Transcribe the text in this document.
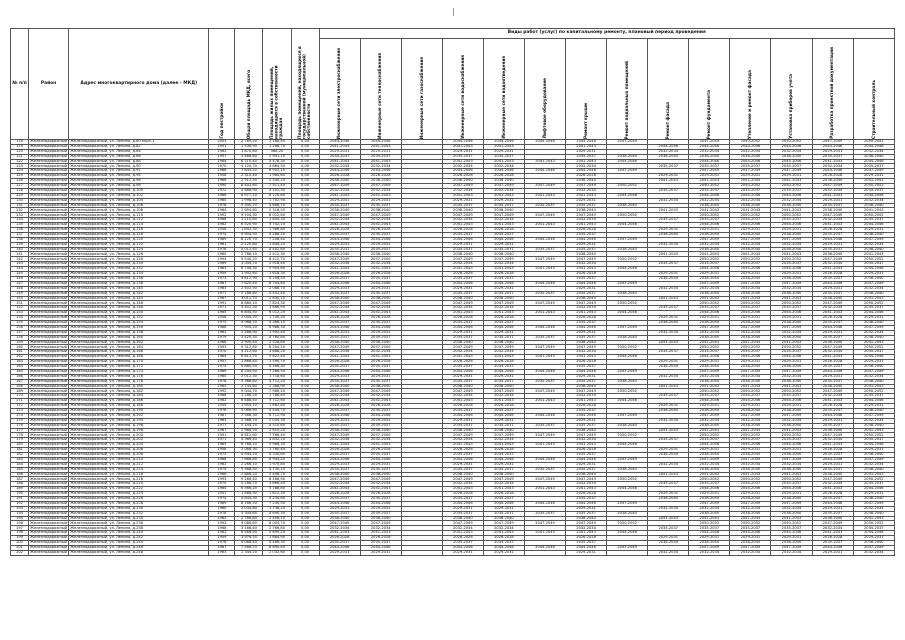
№ п/п	Район	Адрес многоквартирного дома (далее - МКД)	Год постройки	Общая площадь МКД, всего	Площадь жилых помещений, находящихся в собственности граждан	Площадь помещений, находящихся в государственной (муниципальной) собственности	Виды работ (услуг) по капитальному ремонту, плановый период проведения													

							Инженерные сети электроснабжения	Инженерные сети теплоснабжения	Инженерные сети газоснабжения	Инженерные сети водоснабжения	Инженерные сети водоотведения	Лифтовое оборудование	Ремонт крыши	Ремонт подвальных помещений	Ремонт фасада	Ремонт фундамента	Утепление и ремонт фасада	Установка приборов учета	Разработка проектной документации	Строительный контроль

118	Железнодорожный	Железнодорожный, ул. Ленина, д.80 корп.1	2003	2 785,50	2 188,40	0,00	2044-2046	2044-2046		2044-2046	2044-2046	2044-2046	2044-2046	2047-2049		2047-2049	2050-2052	2050-2052	2047-2049	2050-2052
119	Железнодорожный	Железнодорожный, ул. Ленина, д.82	1951	1 536,90	1 266,70	0,00	2041-2043	2041-2043		2041-2043	2041-2043		2041-2043		2044-2046	2044-2046	2044-2046	2044-2046	2044-2046	2044-2046
120	Железнодорожный	Железнодорожный, ул. Ленина, д.84	1962	1 670,80	588,20	0,00	2029-2031	2029-2031		2029-2031	2029-2031		2029-2031		2032-2034	2032-2034	2032-2034	2032-2034	2029-2031	2032-2034
121	Железнодорожный	Железнодорожный, ул. Ленина, д.86	1957	3 468,60	2 941,10	0,00	2035-2037	2035-2037		2035-2037	2035-2037		2035-2037	2038-2040	2038-2040	2038-2040	2038-2040	2038-2040	2035-2037	2038-2040
122	Железнодорожный	Железнодорожный, ул. Ленина, д.88	1984	6 210,40	5 478,30	0,00	2041-2043	2041-2043		2041-2043	2041-2043	2041-2043	2041-2043	2044-2046		2044-2046	2044-2046	2044-2046	2041-2043	2044-2046
123	Железнодорожный	Железнодорожный, ул. Ленина, д.90	1970	4 120,70	3 664,50	0,00	2032-2034	2032-2034		2032-2034	2032-2034		2032-2034		2035-2037	2035-2037	2035-2037	2035-2037	2032-2034	2035-2037
124	Железнодорожный	Железнодорожный, ул. Ленина, д.92	1988	7 845,20	6 902,10	0,00	2044-2046	2044-2046		2044-2046	2044-2046	2044-2046	2044-2046	2047-2049		2047-2049	2047-2049	2047-2049	2044-2046	2047-2049
125	Железнодорожный	Железнодорожный, ул. Ленина, д.94	1958	2 310,40	1 984,60	0,00	2026-2028	2026-2028		2026-2028	2026-2028		2026-2028		2029-2031	2029-2031	2029-2031	2029-2031	2026-2028	2029-2031
126	Железнодорожный	Железнодорожный, ул. Ленина, д.96	1966	2 912,30	2 540,20	0,00	2038-2040	2038-2040		2038-2040	2038-2040		2038-2040		2041-2043	2041-2043	2041-2043	2041-2043	2038-2040	2041-2043
127	Железнодорожный	Железнодорожный, ул. Ленина, д.98	1990	8 402,60	7 511,40	0,00	2047-2049	2047-2049		2047-2049	2047-2049	2047-2049	2047-2049	2050-2052		2050-2052	2050-2052	2050-2052	2047-2049	2050-2052
128	Железнодорожный	Железнодорожный, ул. Ленина, д.100	1972	4 688,90	4 102,30	0,00	2032-2034	2032-2034		2032-2034	2032-2034		2032-2034		2035-2037	2035-2037	2035-2037	2035-2037	2032-2034	2035-2037
129	Железнодорожный	Железнодорожный, ул. Ленина, д.102	1986	6 977,10	6 120,80	0,00	2041-2043	2041-2043		2041-2043	2041-2043	2041-2043	2041-2043	2044-2046		2044-2046	2044-2046	2044-2046	2041-2043	2044-2046
130	Железнодорожный	Железнодорожный, ул. Ленина, д.104	1960	1 998,40	1 702,90	0,00	2029-2031	2029-2031		2029-2031	2029-2031		2029-2031		2032-2034	2032-2034	2032-2034	2032-2034	2029-2031	2032-2034
131	Железнодорожный	Железнодорожный, ул. Ленина, д.106	1978	5 340,20	4 688,70	0,00	2035-2037	2035-2037		2035-2037	2035-2037	2035-2037	2035-2037	2038-2040		2038-2040	2038-2040	2038-2040	2035-2037	2038-2040
132	Железнодорожный	Железнодорожный, ул. Ленина, д.108	1964	2 654,80	2 318,50	0,00	2038-2040	2038-2040		2038-2040	2038-2040		2038-2040		2041-2043	2041-2043	2041-2043	2041-2043	2038-2040	2041-2043
133	Железнодорожный	Железнодорожный, ул. Ленина, д.110	1992	9 104,30	8 012,60	0,00	2047-2049	2047-2049		2047-2049	2047-2049	2047-2049	2047-2049	2050-2052		2050-2052	2050-2052	2050-2052	2047-2049	2050-2052
134	Железнодорожный	Железнодорожный, ул. Ленина, д.112	1968	3 210,60	2 804,30	0,00	2032-2034	2032-2034		2032-2034	2032-2034		2032-2034		2035-2037	2035-2037	2035-2037	2035-2037	2032-2034	2035-2037
135	Железнодорожный	Железнодорожный, ул. Ленина, д.114	1982	6 520,90	5 742,10	0,00	2041-2043	2041-2043		2041-2043	2041-2043	2041-2043	2041-2043	2044-2046		2044-2046	2044-2046	2044-2046	2041-2043	2044-2046
136	Железнодорожный	Железнодорожный, ул. Ленина, д.116	1956	1 842,30	1 566,80	0,00	2026-2028	2026-2028		2026-2028	2026-2028		2026-2028		2029-2031	2029-2031	2029-2031	2029-2031	2026-2028	2029-2031
137	Железнодорожный	Железнодорожный, ул. Ленина, д.118	1974	4 904,50	4 288,20	0,00	2035-2037	2035-2037		2035-2037	2035-2037		2035-2037		2038-2040	2038-2040	2038-2040	2038-2040	2035-2037	2038-2040
138	Железнодорожный	Железнодорожный, ул. Ленина, д.120	1989	8 120,70	7 208,40	0,00	2044-2046	2044-2046		2044-2046	2044-2046	2044-2046	2044-2046	2047-2049		2047-2049	2047-2049	2047-2049	2044-2046	2047-2049
139	Железнодорожный	Железнодорожный, ул. Ленина, д.122	1961	2 120,80	1 844,20	0,00	2029-2031	2029-2031		2029-2031	2029-2031		2029-2031		2032-2034	2032-2034	2032-2034	2032-2034	2029-2031	2032-2034
140	Железнодорожный	Железнодорожный, ул. Ленина, д.124	1976	5 012,40	4 402,60	0,00	2035-2037	2035-2037		2035-2037	2035-2037	2035-2037	2035-2037	2038-2040		2038-2040	2038-2040	2038-2040	2035-2037	2038-2040
141	Железнодорожный	Железнодорожный, ул. Ленина, д.126	1965	2 788,10	2 412,30	0,00	2038-2040	2038-2040		2038-2040	2038-2040		2038-2040		2041-2043	2041-2043	2041-2043	2041-2043	2038-2040	2041-2043
142	Железнодорожный	Железнодорожный, ул. Ленина, д.128	1994	9 540,20	8 412,70	0,00	2047-2049	2047-2049		2047-2049	2047-2049	2047-2049	2047-2049	2050-2052		2050-2052	2050-2052	2050-2052	2047-2049	2050-2052
143	Железнодорожный	Железнодорожный, ул. Ленина, д.130	1969	3 344,70	2 918,40	0,00	2032-2034	2032-2034		2032-2034	2032-2034		2032-2034		2035-2037	2035-2037	2035-2037	2035-2037	2032-2034	2035-2037
144	Железнодорожный	Железнодорожный, ул. Ленина, д.132	1983	6 708,30	5 904,60	0,00	2041-2043	2041-2043		2041-2043	2041-2043	2041-2043	2041-2043	2044-2046		2044-2046	2044-2046	2044-2046	2041-2043	2044-2046
145	Железнодорожный	Железнодорожный, ул. Ленина, д.134	1959	1 902,60	1 618,30	0,00	2026-2028	2026-2028		2026-2028	2026-2028		2026-2028		2029-2031	2029-2031	2029-2031	2029-2031	2026-2028	2029-2031
146	Железнодорожный	Железнодорожный, ул. Ленина, д.136	1973	4 812,90	4 206,50	0,00	2035-2037	2035-2037		2035-2037	2035-2037		2035-2037		2038-2040	2038-2040	2038-2040	2038-2040	2035-2037	2038-2040
147	Железнодорожный	Железнодорожный, ул. Ленина, д.138	1987	7 620,40	6 744,80	0,00	2044-2046	2044-2046		2044-2046	2044-2046	2044-2046	2044-2046	2047-2049		2047-2049	2047-2049	2047-2049	2044-2046	2047-2049
148	Железнодорожный	Железнодорожный, ул. Ленина, д.140	1963	2 402,50	2 088,70	0,00	2029-2031	2029-2031		2029-2031	2029-2031		2029-2031		2032-2034	2032-2034	2032-2034	2032-2034	2029-2031	2032-2034
149	Железнодорожный	Железнодорожный, ул. Ленина, д.142	1977	5 188,60	4 552,40	0,00	2035-2037	2035-2037		2035-2037	2035-2037	2035-2037	2035-2037	2038-2040		2038-2040	2038-2040	2038-2040	2035-2037	2038-2040
150	Железнодорожный	Железнодорожный, ул. Ленина, д.144	1967	3 012,70	2 630,10	0,00	2038-2040	2038-2040		2038-2040	2038-2040		2038-2040		2041-2043	2041-2043	2041-2043	2041-2043	2038-2040	2041-2043
151	Железнодорожный	Железнодорожный, ул. Ленина, д.146	1991	8 880,10	7 824,30	0,00	2047-2049	2047-2049		2047-2049	2047-2049	2047-2049	2047-2049	2050-2052		2050-2052	2050-2052	2050-2052	2047-2049	2050-2052
152	Железнодорожный	Железнодорожный, ул. Ленина, д.148	1971	4 402,30	3 866,90	0,00	2032-2034	2032-2034		2032-2034	2032-2034		2032-2034		2035-2037	2035-2037	2035-2037	2035-2037	2032-2034	2035-2037
153	Железнодорожный	Железнодорожный, ул. Ленина, д.150	1985	6 844,50	6 012,20	0,00	2041-2043	2041-2043		2041-2043	2041-2043	2041-2043	2041-2043	2044-2046		2044-2046	2044-2046	2044-2046	2041-2043	2044-2046
154	Железнодорожный	Железнодорожный, ул. Ленина, д.152	1958	2 044,20	1 740,50	0,00	2026-2028	2026-2028		2026-2028	2026-2028		2026-2028		2029-2031	2029-2031	2029-2031	2029-2031	2026-2028	2029-2031
155	Железнодорожный	Железнодорожный, ул. Ленина, д.154	1975	4 988,70	4 366,10	0,00	2035-2037	2035-2037		2035-2037	2035-2037		2035-2037		2038-2040	2038-2040	2038-2040	2038-2040	2035-2037	2038-2040
156	Железнодорожный	Железнодорожный, ул. Ленина, д.156	1988	7 904,20	6 988,30	0,00	2044-2046	2044-2046		2044-2046	2044-2046	2044-2046	2044-2046	2047-2049		2047-2049	2047-2049	2047-2049	2044-2046	2047-2049
157	Железнодорожный	Железнодорожный, ул. Ленина, д.158	1962	2 288,90	1 992,40	0,00	2029-2031	2029-2031		2029-2031	2029-2031		2029-2031		2032-2034	2032-2034	2032-2034	2032-2034	2029-2031	2032-2034
158	Железнодорожный	Железнодорожный, ул. Ленина, д.160	1979	5 420,30	4 760,80	0,00	2035-2037	2035-2037		2035-2037	2035-2037	2035-2037	2035-2037	2038-2040		2038-2040	2038-2040	2038-2040	2035-2037	2038-2040
159	Железнодорожный	Железнодорожный, ул. Ленина, д.162	1966	2 900,40	2 528,60	0,00	2038-2040	2038-2040		2038-2040	2038-2040		2038-2040		2041-2043	2041-2043	2041-2043	2041-2043	2038-2040	2041-2043
160	Железнодорожный	Железнодорожный, ул. Ленина, д.164	1993	9 312,80	8 204,10	0,00	2047-2049	2047-2049		2047-2049	2047-2049	2047-2049	2047-2049	2050-2052		2050-2052	2050-2052	2050-2052	2047-2049	2050-2052
161	Железнодорожный	Железнодорожный, ул. Ленина, д.166	1970	4 212,60	3 688,20	0,00	2032-2034	2032-2034		2032-2034	2032-2034		2032-2034		2035-2037	2035-2037	2035-2037	2035-2037	2032-2034	2035-2037
162	Железнодорожный	Железнодорожный, ул. Ленина, д.168	1984	6 612,70	5 822,40	0,00	2041-2043	2041-2043		2041-2043	2041-2043	2041-2043	2041-2043	2044-2046		2044-2046	2044-2046	2044-2046	2041-2043	2044-2046
163	Железнодорожный	Железнодорожный, ул. Ленина, д.170	1957	1 866,40	1 590,70	0,00	2026-2028	2026-2028		2026-2028	2026-2028		2026-2028		2029-2031	2029-2031	2029-2031	2029-2031	2026-2028	2029-2031
164	Железнодорожный	Железнодорожный, ул. Ленина, д.172	1974	4 880,50	4 266,30	0,00	2035-2037	2035-2037		2035-2037	2035-2037		2035-2037		2038-2040	2038-2040	2038-2040	2038-2040	2035-2037	2038-2040
165	Железнодорожный	Железнодорожный, ул. Ленина, д.174	1989	8 204,90	7 266,50	0,00	2044-2046	2044-2046		2044-2046	2044-2046	2044-2046	2044-2046	2047-2049		2047-2049	2047-2049	2047-2049	2044-2046	2047-2049
166	Железнодорожный	Железнодорожный, ул. Ленина, д.176	1960	2 012,30	1 718,60	0,00	2029-2031	2029-2031		2029-2031	2029-2031		2029-2031		2032-2034	2032-2034	2032-2034	2032-2034	2029-2031	2032-2034
167	Железнодорожный	Железнодорожный, ул. Ленина, д.178	1978	5 366,80	4 712,20	0,00	2035-2037	2035-2037		2035-2037	2035-2037	2035-2037	2035-2037	2038-2040		2038-2040	2038-2040	2038-2040	2035-2037	2038-2040
168	Железнодорожный	Железнодорожный, ул. Ленина, д.180	1965	2 744,60	2 388,90	0,00	2038-2040	2038-2040		2038-2040	2038-2040		2038-2040		2041-2043	2041-2043	2041-2043	2041-2043	2038-2040	2041-2043
169	Железнодорожный	Железнодорожный, ул. Ленина, д.182	1992	9 044,70	7 966,20	0,00	2047-2049	2047-2049		2047-2049	2047-2049	2047-2049	2047-2049	2050-2052		2050-2052	2050-2052	2050-2052	2047-2049	2050-2052
170	Железнодорожный	Железнодорожный, ул. Ленина, д.184	1968	3 188,20	2 786,40	0,00	2032-2034	2032-2034		2032-2034	2032-2034		2032-2034		2035-2037	2035-2037	2035-2037	2035-2037	2032-2034	2035-2037
171	Железнодорожный	Железнодорожный, ул. Ленина, д.186	1982	6 488,40	5 712,60	0,00	2041-2043	2041-2043		2041-2043	2041-2043	2041-2043	2041-2043	2044-2046		2044-2046	2044-2046	2044-2046	2041-2043	2044-2046
172	Железнодорожный	Железнодорожный, ул. Ленина, д.188	1959	1 954,10	1 662,80	0,00	2026-2028	2026-2028		2026-2028	2026-2028		2026-2028		2029-2031	2029-2031	2029-2031	2029-2031	2026-2028	2029-2031
173	Железнодорожный	Железнодорожный, ул. Ленина, д.190	1976	5 066,90	4 444,70	0,00	2035-2037	2035-2037		2035-2037	2035-2037		2035-2037		2038-2040	2038-2040	2038-2040	2038-2040	2035-2037	2038-2040
174	Железнодорожный	Железнодорожный, ул. Ленина, д.192	1987	7 588,30	6 712,90	0,00	2044-2046	2044-2046		2044-2046	2044-2046	2044-2046	2044-2046	2047-2049		2047-2049	2047-2049	2047-2049	2044-2046	2047-2049
175	Железнодорожный	Железнодорожный, ул. Ленина, д.194	1963	2 366,70	2 054,30	0,00	2029-2031	2029-2031		2029-2031	2029-2031		2029-2031		2032-2034	2032-2034	2032-2034	2032-2034	2029-2031	2032-2034
176	Железнодорожный	Железнодорожный, ул. Ленина, д.196	1977	5 144,20	4 510,60	0,00	2035-2037	2035-2037		2035-2037	2035-2037	2035-2037	2035-2037	2038-2040		2038-2040	2038-2040	2038-2040	2035-2037	2038-2040
177	Железнодорожный	Железнодорожный, ул. Ленина, д.198	1967	2 988,50	2 610,20	0,00	2038-2040	2038-2040		2038-2040	2038-2040		2038-2040		2041-2043	2041-2043	2041-2043	2041-2043	2038-2040	2041-2043
178	Железнодорожный	Железнодорожный, ул. Ленина, д.200	1991	8 812,60	7 766,40	0,00	2047-2049	2047-2049		2047-2049	2047-2049	2047-2049	2047-2049	2050-2052		2050-2052	2050-2052	2050-2052	2047-2049	2050-2052
179	Железнодорожный	Железнодорожный, ул. Ленина, д.202	1971	4 366,40	3 832,10	0,00	2032-2034	2032-2034		2032-2034	2032-2034		2032-2034		2035-2037	2035-2037	2035-2037	2035-2037	2032-2034	2035-2037
180	Железнодорожный	Железнодорожный, ул. Ленина, д.204	1985	6 788,10	5 968,30	0,00	2041-2043	2041-2043		2041-2043	2041-2043	2041-2043	2041-2043	2044-2046		2044-2046	2044-2046	2044-2046	2041-2043	2044-2046
181	Железнодорожный	Железнодорожный, ул. Ленина, д.206	1958	2 066,30	1 760,40	0,00	2026-2028	2026-2028		2026-2028	2026-2028		2026-2028		2029-2031	2029-2031	2029-2031	2029-2031	2026-2028	2029-2031
182	Железнодорожный	Железнодорожный, ул. Ленина, д.208	1975	4 944,20	4 330,60	0,00	2035-2037	2035-2037		2035-2037	2035-2037		2035-2037		2038-2040	2038-2040	2038-2040	2038-2040	2035-2037	2038-2040
183	Железнодорожный	Железнодорожный, ул. Ленина, д.210	1988	7 866,80	6 944,20	0,00	2044-2046	2044-2046		2044-2046	2044-2046	2044-2046	2044-2046	2047-2049		2047-2049	2047-2049	2047-2049	2044-2046	2047-2049
184	Железнодорожный	Железнодорожный, ул. Ленина, д.212	1962	2 266,10	1 970,80	0,00	2029-2031	2029-2031		2029-2031	2029-2031		2029-2031		2032-2034	2032-2034	2032-2034	2032-2034	2029-2031	2032-2034
185	Железнодорожный	Железнодорожный, ул. Ленина, д.214	1979	5 388,50	4 730,10	0,00	2035-2037	2035-2037		2035-2037	2035-2037	2035-2037	2035-2037	2038-2040		2038-2040	2038-2040	2038-2040	2035-2037	2038-2040
186	Железнодорожный	Железнодорожный, ул. Ленина, д.216	1966	2 866,20	2 498,70	0,00	2038-2040	2038-2040		2038-2040	2038-2040		2038-2040		2041-2043	2041-2043	2041-2043	2041-2043	2038-2040	2041-2043
187	Железнодорожный	Железнодорожный, ул. Ленина, д.218	1993	9 266,40	8 166,90	0,00	2047-2049	2047-2049		2047-2049	2047-2049	2047-2049	2047-2049	2050-2052		2050-2052	2050-2052	2050-2052	2047-2049	2050-2052
188	Железнодорожный	Железнодорожный, ул. Ленина, д.220	1970	4 188,70	3 666,40	0,00	2032-2034	2032-2034		2032-2034	2032-2034		2032-2034		2035-2037	2035-2037	2035-2037	2035-2037	2032-2034	2035-2037
189	Железнодорожный	Железнодорожный, ул. Ленина, д.222	1984	6 566,20	5 788,80	0,00	2041-2043	2041-2043		2041-2043	2041-2043	2041-2043	2041-2043	2044-2046		2044-2046	2044-2046	2044-2046	2041-2043	2044-2046
190	Железнодорожный	Железнодорожный, ул. Ленина, д.224	1957	1 888,90	1 612,30	0,00	2026-2028	2026-2028		2026-2028	2026-2028		2026-2028		2029-2031	2029-2031	2029-2031	2029-2031	2026-2028	2029-2031
191	Железнодорожный	Железнодорожный, ул. Ленина, д.226	1974	4 844,30	4 234,60	0,00	2035-2037	2035-2037		2035-2037	2035-2037		2035-2037		2038-2040	2038-2040	2038-2040	2038-2040	2035-2037	2038-2040
192	Железнодорожный	Железнодорожный, ул. Ленина, д.228	1989	8 166,20	7 230,50	0,00	2044-2046	2044-2046		2044-2046	2044-2046	2044-2046	2044-2046	2047-2049		2047-2049	2047-2049	2047-2049	2044-2046	2047-2049
193	Железнодорожный	Железнодорожный, ул. Ленина, д.230	1960	2 034,80	1 736,20	0,00	2029-2031	2029-2031		2029-2031	2029-2031		2029-2031		2032-2034	2032-2034	2032-2034	2032-2034	2029-2031	2032-2034
194	Железнодорожный	Железнодорожный, ул. Ленина, д.232	1978	5 344,60	4 690,30	0,00	2035-2037	2035-2037		2035-2037	2035-2037	2035-2037	2035-2037	2038-2040		2038-2040	2038-2040	2038-2040	2035-2037	2038-2040
195	Железнодорожный	Железнодорожный, ул. Ленина, д.234	1965	2 766,80	2 406,10	0,00	2038-2040	2038-2040		2038-2040	2038-2040		2038-2040		2041-2043	2041-2043	2041-2043	2041-2043	2038-2040	2041-2043
196	Железнодорожный	Железнодорожный, ул. Ленина, д.236	1992	9 088,60	8 004,70	0,00	2047-2049	2047-2049		2047-2049	2047-2049	2047-2049	2047-2049	2050-2052		2050-2052	2050-2052	2050-2052	2047-2049	2050-2052
197	Железнодорожный	Железнодорожный, ул. Ленина, д.238	1968	3 166,40	2 766,80	0,00	2032-2034	2032-2034		2032-2034	2032-2034		2032-2034		2035-2037	2035-2037	2035-2037	2035-2037	2032-2034	2035-2037
198	Железнодорожный	Железнодорожный, ул. Ленина, д.240	1982	6 466,90	5 690,20	0,00	2041-2043	2041-2043		2041-2043	2041-2043	2041-2043	2041-2043	2044-2046		2044-2046	2044-2046	2044-2046	2041-2043	2044-2046
199	Железнодорожный	Железнодорожный, ул. Ленина, д.242	1959	1 976,50	1 684,90	0,00	2026-2028	2026-2028		2026-2028	2026-2028		2026-2028		2029-2031	2029-2031	2029-2031	2029-2031	2026-2028	2029-2031
200	Железнодорожный	Железнодорожный, ул. Ленина, д.244	1976	5 088,40	4 466,30	0,00	2035-2037	2035-2037		2035-2037	2035-2037		2035-2037		2038-2040	2038-2040	2038-2040	2038-2040	2035-2037	2038-2040
201	Железнодорожный	Железнодорожный, ул. Ленина, д.246	1987	7 566,70	6 690,40	0,00	2044-2046	2044-2046		2044-2046	2044-2046	2044-2046	2044-2046	2047-2049		2047-2049	2047-2049	2047-2049	2044-2046	2047-2049
202	Железнодорожный	Железнодорожный, ул. Ленина, д.248	1963	2 344,20	2 032,60	0,00	2029-2031	2029-2031		2029-2031	2029-2031		2029-2031		2032-2034	2032-2034	2032-2034	2032-2034	2029-2031	2032-2034
